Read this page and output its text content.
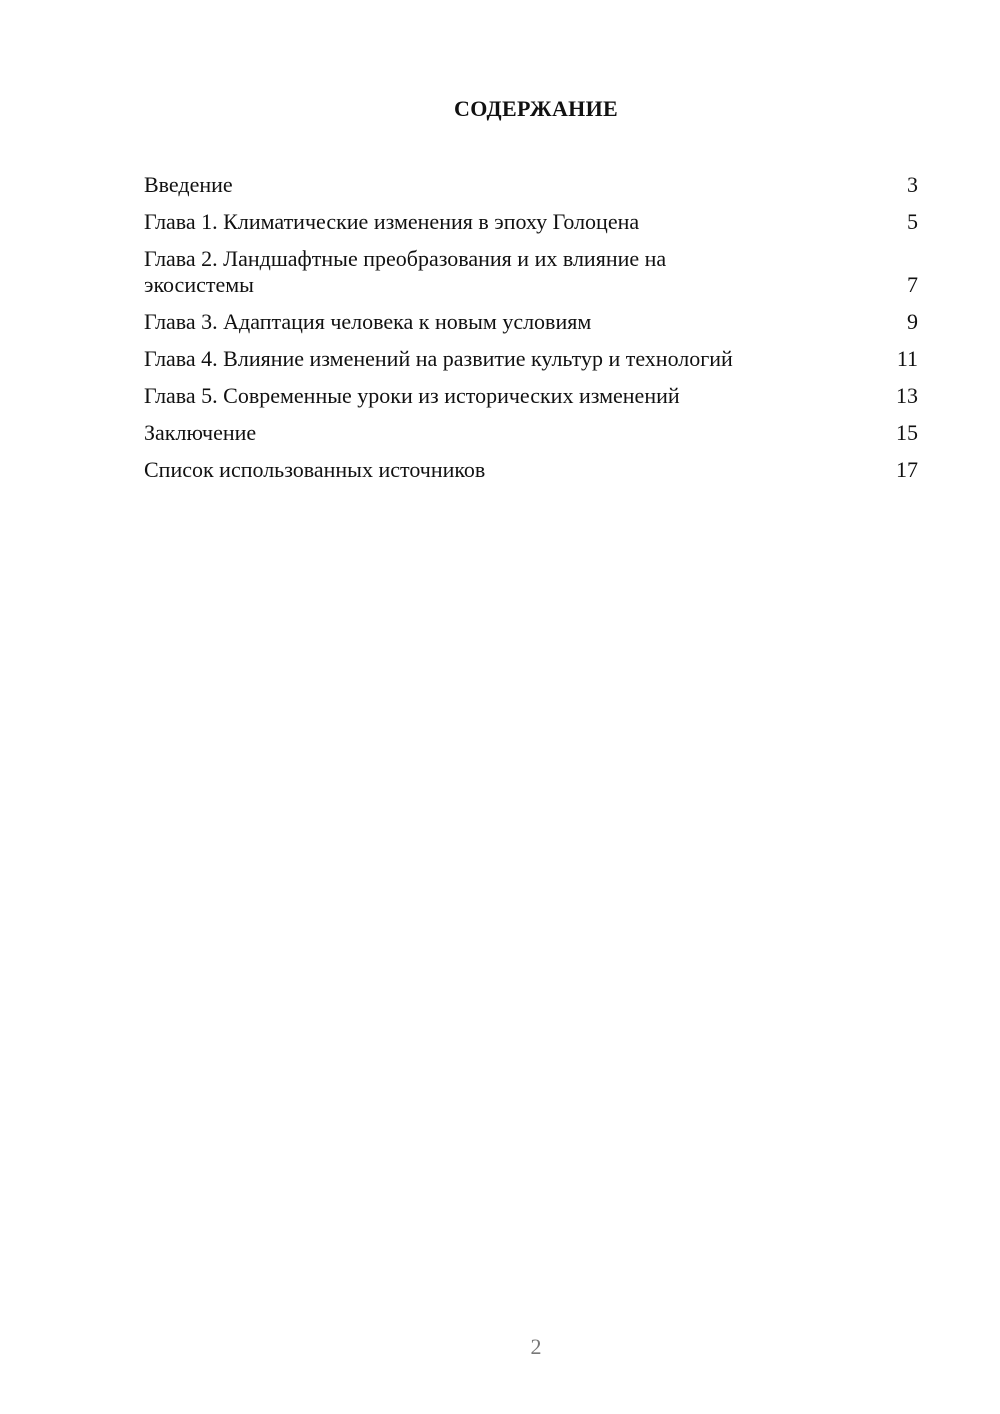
СОДЕРЖАНИЕ
Введение	3
Глава 1. Климатические изменения в эпоху Голоцена	5
Глава 2. Ландшафтные преобразования и их влияние на экосистемы	7
Глава 3. Адаптация человека к новым условиям	9
Глава 4. Влияние изменений на развитие культур и технологий	11
Глава 5. Современные уроки из исторических изменений	13
Заключение	15
Список использованных источников	17
2
